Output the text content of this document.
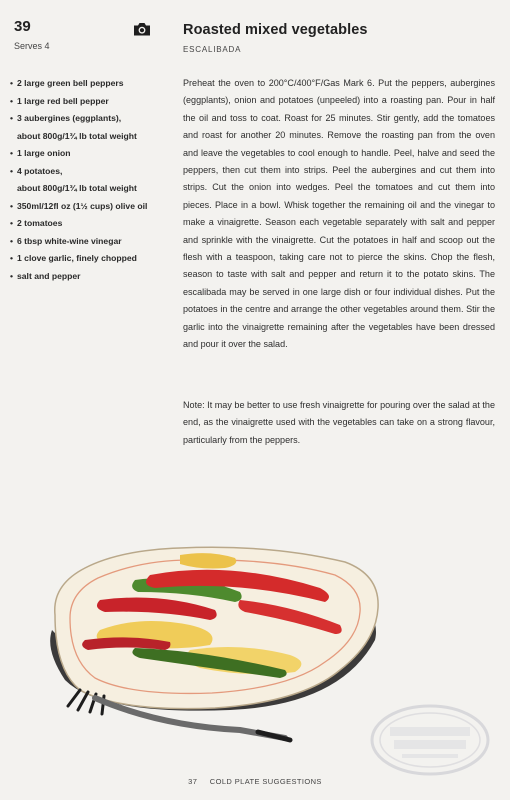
39
Serves 4
Roasted mixed vegetables
ESCALIBADA
• 2 large green bell peppers
• 1 large red bell pepper
• 3 aubergines (eggplants),
about 800g/1¾ lb total weight
• 1 large onion
• 4 potatoes,
about 800g/1¾ lb total weight
• 350ml/12fl oz (1½ cups) olive oil
• 2 tomatoes
• 6 tbsp white-wine vinegar
• 1 clove garlic, finely chopped
• salt and pepper

Preheat the oven to 200°C/400°F/Gas Mark 6. Put the peppers, aubergines (eggplants), onion and potatoes (unpeeled) into a roasting pan. Pour in half the oil and toss to coat. Roast for 25 minutes. Stir gently, add the tomatoes and roast for another 20 minutes. Remove the roasting pan from the oven and leave the vegetables to cool enough to handle. Peel, halve and seed the peppers, then cut them into strips. Peel the aubergines and cut them into strips. Cut the onion into wedges. Peel the tomatoes and cut them into pieces. Place in a bowl. Whisk together the remaining oil and the vinegar to make a vinaigrette. Season each vegetable separately with salt and pepper and sprinkle with the vinaigrette. Cut the potatoes in half and scoop out the flesh with a teaspoon, taking care not to pierce the skins. Chop the flesh, season to taste with salt and pepper and return it to the potato skins. The escalibada may be served in one large dish or four individual dishes. Put the potatoes in the centre and arrange the other vegetables around them. Stir the garlic into the vinaigrette remaining after the vegetables have been dressed and pour it over the salad.

Note: It may be better to use fresh vinaigrette for pouring over the salad at the end, as the vinaigrette used with the vegetables can take on a strong flavour, particularly from the peppers.

37 COLD PLATE SUGGESTIONS
